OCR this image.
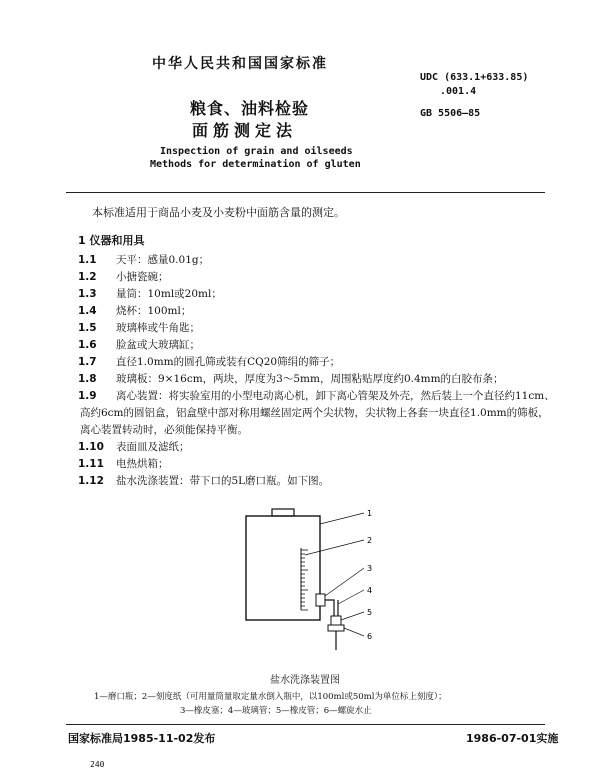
中华人民共和国国家标准
粮食、油料检验
面筋测定法
Inspection of grain and oilseeds
Methods for determination of gluten
UDC (633.1+633.85)
.001.4
GB 5506—85
本标准适用于商品小麦及小麦粉中面筋含量的测定。
1 仪器和用具
1.1 天平：感量0.01g；
1.2 小搪瓷碗；
1.3 量筒：10ml或20ml；
1.4 烧杯：100ml；
1.5 玻璃棒或牛角匙；
1.6 脸盆或大玻璃缸；
1.7 直径1.0mm的圆孔筛或装有CQ20筛绢的筛子；
1.8 玻璃板：9×16cm，两块，厚度为3～5mm，周围粘贴厚度约0.4mm的白胶布条；
1.9 离心装置：将实验室用的小型电动离心机，卸下离心管架及外壳，然后装上一个直径约11cm、
高约6cm的圆铝盒，铝盒壁中部对称用螺丝固定两个尖状物，尖状物上各套一块直径1.0mm的筛板，
离心装置转动时，必须能保持平衡。
1.10 表面皿及滤纸；
1.11 电热烘箱；
1.12 盐水洗涤装置：带下口的5L磨口瓶。如下图。
1
2
3
4
5
6
盐水洗涤装置图
1—磨口瓶；2—刻度纸（可用量筒量取定量水倒入瓶中，以100ml或50ml为单位标上刻度）；
3—橡皮塞；4—玻璃管；5—橡皮管；6—螺旋水止
国家标准局1985-11-02发布	1986-07-01实施
240
